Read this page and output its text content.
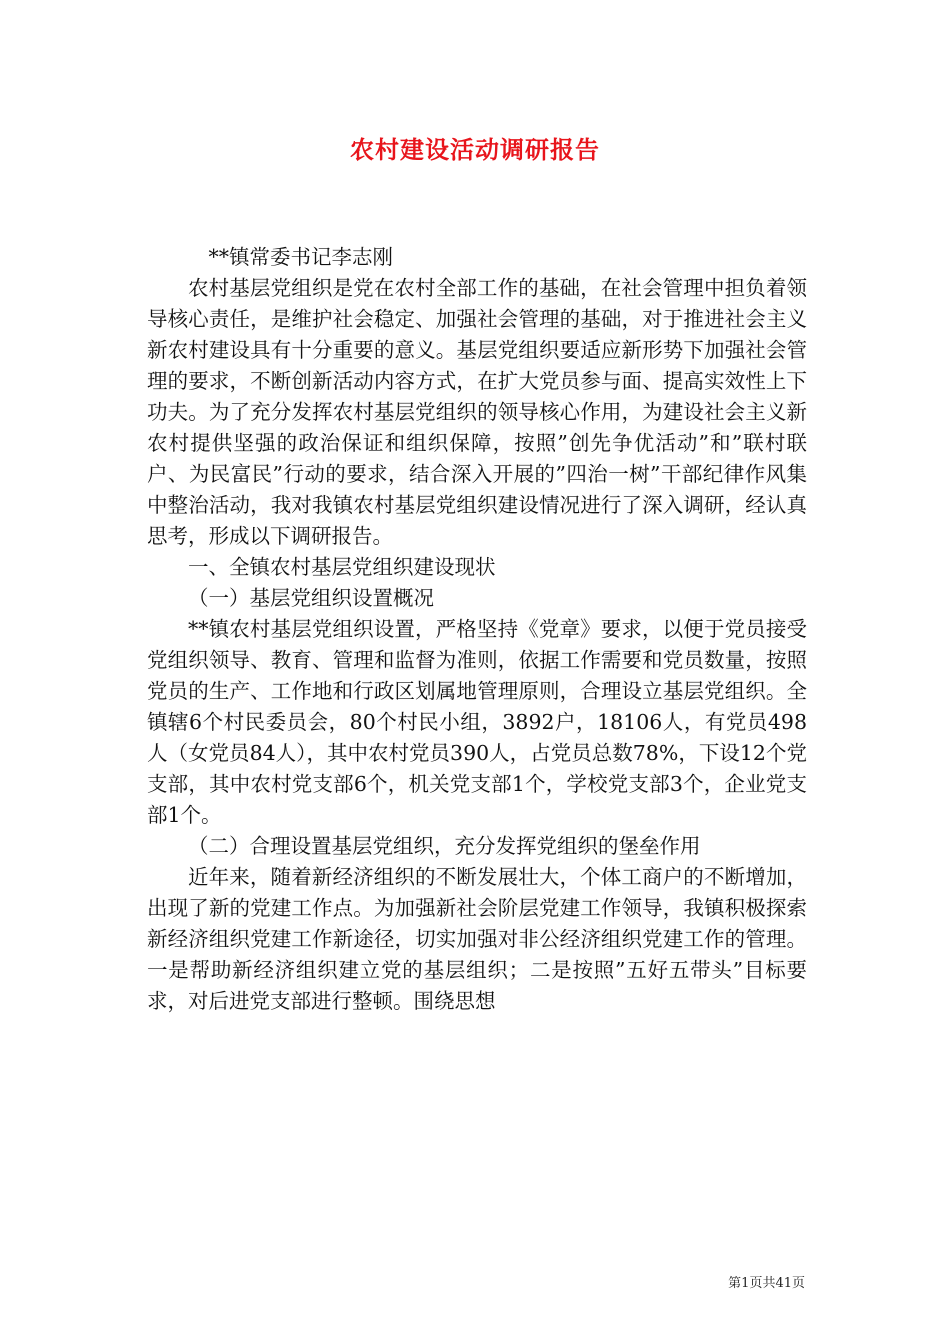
农村建设活动调研报告

**镇常委书记李志刚

农村基层党组织是党在农村全部工作的基础，在社会管理中担负着领导核心责任，是维护社会稳定、加强社会管理的基础，对于推进社会主义新农村建设具有十分重要的意义。基层党组织要适应新形势下加强社会管理的要求，不断创新活动内容方式，在扩大党员参与面、提高实效性上下功夫。为了充分发挥农村基层党组织的领导核心作用，为建设社会主义新农村提供坚强的政治保证和组织保障，按照”创先争优活动”和”联村联户、为民富民”行动的要求，结合深入开展的”四治一树”干部纪律作风集中整治活动，我对我镇农村基层党组织建设情况进行了深入调研，经认真思考，形成以下调研报告。

一、全镇农村基层党组织建设现状

（一）基层党组织设置概况

**镇农村基层党组织设置，严格坚持《党章》要求，以便于党员接受党组织领导、教育、管理和监督为准则，依据工作需要和党员数量，按照党员的生产、工作地和行政区划属地管理原则，合理设立基层党组织。全镇辖6个村民委员会，80个村民小组，3892户，18106人，有党员498人（女党员84人），其中农村党员390人，占党员总数78%，下设12个党支部，其中农村党支部6个，机关党支部1个，学校党支部3个，企业党支部1个。

（二）合理设置基层党组织，充分发挥党组织的堡垒作用

近年来，随着新经济组织的不断发展壮大，个体工商户的不断增加，出现了新的党建工作点。为加强新社会阶层党建工作领导，我镇积极探索新经济组织党建工作新途径，切实加强对非公经济组织党建工作的管理。一是帮助新经济组织建立党的基层组织；二是按照”五好五带头”目标要求，对后进党支部进行整顿。围绕思想

第1页共41页
